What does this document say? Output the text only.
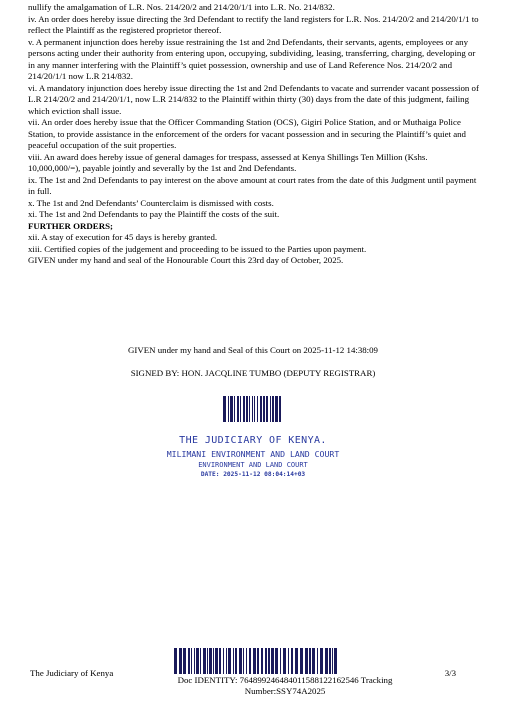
nullify the amalgamation of L.R. Nos. 214/20/2 and 214/20/1/1 into L.R. No. 214/832.

iv. An order does hereby issue directing the 3rd Defendant to rectify the land registers for L.R. Nos. 214/20/2 and 214/20/1/1 to reflect the Plaintiff as the registered proprietor thereof.

v. A permanent injunction does hereby issue restraining the 1st and 2nd Defendants, their servants, agents, employees or any persons acting under their authority from entering upon, occupying, subdividing, leasing, transferring, charging, developing or in any manner interfering with the Plaintiff’s quiet possession, ownership and use of Land Reference Nos. 214/20/2 and 214/20/1/1 now L.R 214/832.

vi. A mandatory injunction does hereby issue directing the 1st and 2nd Defendants to vacate and surrender vacant possession of L.R 214/20/2 and 214/20/1/1, now L.R 214/832 to the Plaintiff within thirty (30) days from the date of this judgment, failing which eviction shall issue.

vii. An order does hereby issue that the Officer Commanding Station (OCS), Gigiri Police Station, and or Muthaiga Police Station, to provide assistance in the enforcement of the orders for vacant possession and in securing the Plaintiff’s quiet and peaceful occupation of the suit properties.

viii. An award does hereby issue of general damages for trespass, assessed at Kenya Shillings Ten Million (Kshs. 10,000,000/=), payable jointly and severally by the 1st and 2nd Defendants.

ix. The 1st and 2nd Defendants to pay interest on the above amount at court rates from the date of this Judgment until payment in full.

x. The 1st and 2nd Defendants’ Counterclaim is dismissed with costs.

xi. The 1st and 2nd Defendants to pay the Plaintiff the costs of the suit.

FURTHER ORDERS;

xii. A stay of execution for 45 days is hereby granted.

xiii. Certified copies of the judgement and proceeding to be issued to the Parties upon payment.

GIVEN under my hand and seal of the Honourable Court this 23rd day of October, 2025.

GIVEN under my hand and Seal of this Court on 2025-11-12 14:38:09
SIGNED BY: HON. JACQLINE TUMBO (DEPUTY REGISTRAR)
THE JUDICIARY OF KENYA.
MILIMANI ENVIRONMENT AND LAND COURT
ENVIRONMENT AND LAND COURT
DATE: 2025-11-12 08:04:14+03
The Judiciary of Kenya
Doc IDENTITY: 764899246484011588122162546 Tracking
Number:SSY74A2025
3/3
